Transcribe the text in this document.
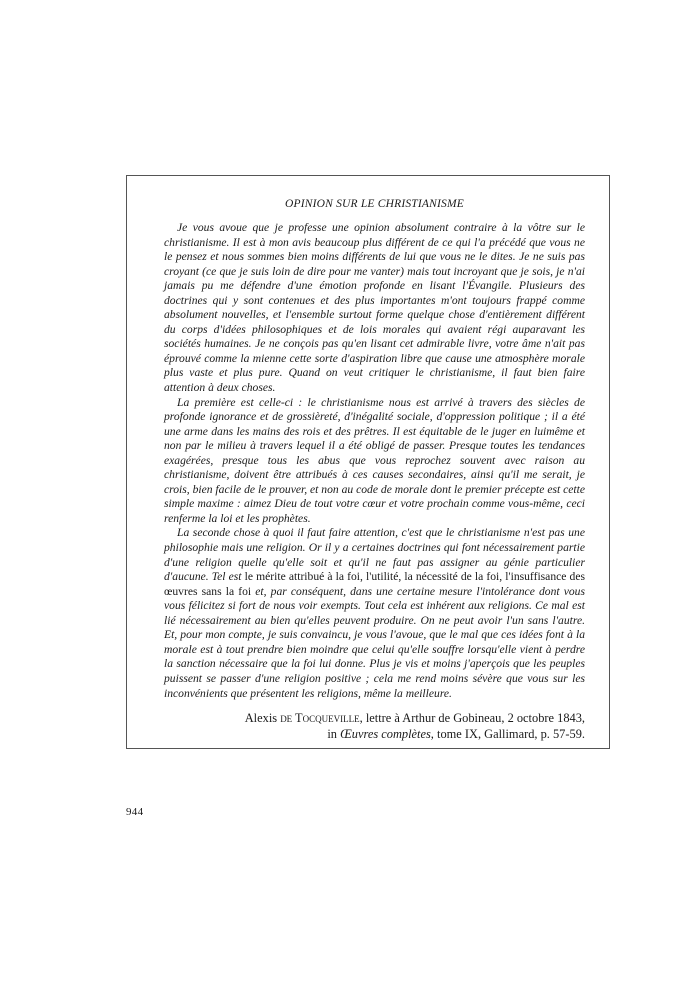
OPINION SUR LE CHRISTIANISME

Je vous avoue que je professe une opinion absolument contraire à la vôtre sur le christianisme. Il est à mon avis beaucoup plus différent de ce qui l'a précédé que vous ne le pensez et nous sommes bien moins différents de lui que vous ne le dites. Je ne suis pas croyant (ce que je suis loin de dire pour me vanter) mais tout incroyant que je sois, je n'ai jamais pu me défendre d'une émotion profonde en lisant l'Évangile. Plusieurs des doctrines qui y sont contenues et des plus importantes m'ont toujours frappé comme absolument nouvelles, et l'ensemble surtout forme quelque chose d'entièrement différent du corps d'idées philosophiques et de lois morales qui avaient régi auparavant les sociétés humaines. Je ne conçois pas qu'en lisant cet admirable livre, votre âme n'ait pas éprouvé comme la mienne cette sorte d'aspiration libre que cause une atmosphère morale plus vaste et plus pure. Quand on veut critiquer le christianisme, il faut bien faire attention à deux choses.

La première est celle-ci : le christianisme nous est arrivé à travers des siècles de profonde ignorance et de grossièreté, d'inégalité sociale, d'oppression politique ; il a été une arme dans les mains des rois et des prêtres. Il est équitable de le juger en luimême et non par le milieu à travers lequel il a été obligé de passer. Presque toutes les tendances exagérées, presque tous les abus que vous reprochez souvent avec raison au christianisme, doivent être attribués à ces causes secondaires, ainsi qu'il me serait, je crois, bien facile de le prouver, et non au code de morale dont le premier précepte est cette simple maxime : aimez Dieu de tout votre cœur et votre prochain comme vous-même, ceci renferme la loi et les prophètes.

La seconde chose à quoi il faut faire attention, c'est que le christianisme n'est pas une philosophie mais une religion. Or il y a certaines doctrines qui font nécessairement partie d'une religion quelle qu'elle soit et qu'il ne faut pas assigner au génie particulier d'aucune. Tel est le mérite attribué à la foi, l'utilité, la nécessité de la foi, l'insuffisance des œuvres sans la foi et, par conséquent, dans une certaine mesure l'intolérance dont vous vous félicitez si fort de nous voir exempts. Tout cela est inhérent aux religions. Ce mal est lié nécessairement au bien qu'elles peuvent produire. On ne peut avoir l'un sans l'autre. Et, pour mon compte, je suis convaincu, je vous l'avoue, que le mal que ces idées font à la morale est à tout prendre bien moindre que celui qu'elle souffre lorsqu'elle vient à perdre la sanction nécessaire que la foi lui donne. Plus je vis et moins j'aperçois que les peuples puissent se passer d'une religion positive ; cela me rend moins sévère que vous sur les inconvénients que présentent les religions, même la meilleure.

Alexis de Tocqueville, lettre à Arthur de Gobineau, 2 octobre 1843,
in Œuvres complètes, tome IX, Gallimard, p. 57-59.
944
